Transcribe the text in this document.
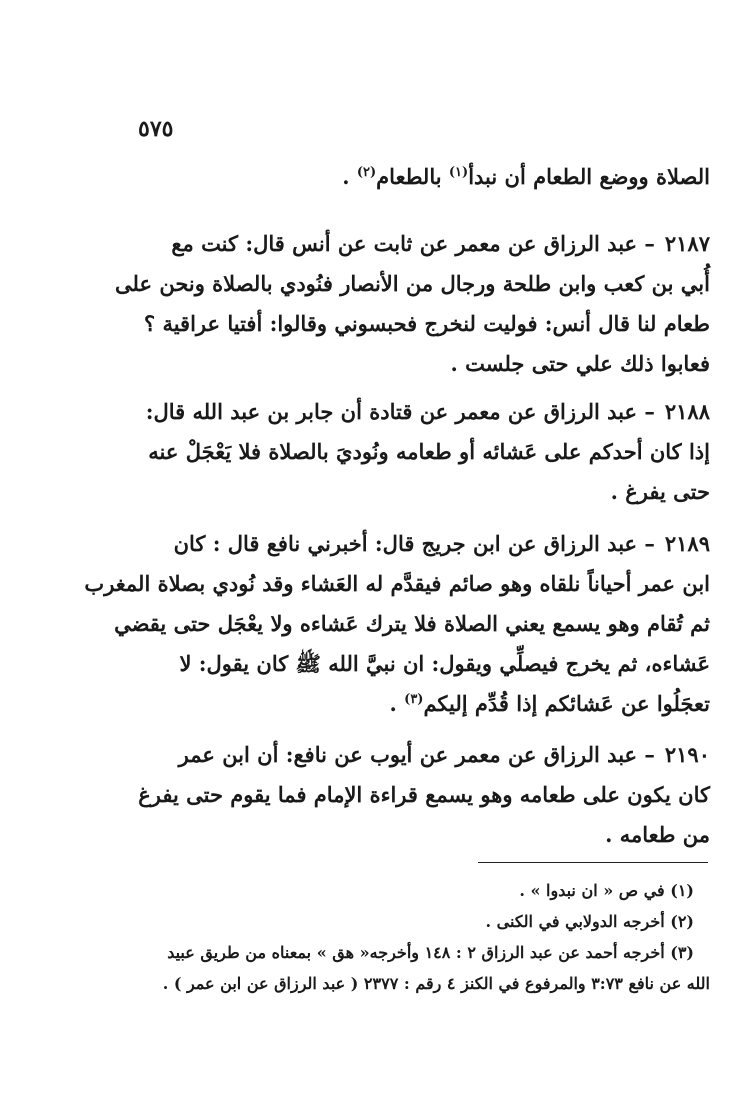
٥٧٥
الصلاة ووضع الطعام أن نبدأ$^{(١)}$ بالطعام$^{(٢)}$ .
٢١٨٧– عبد الرزاق عن معمر عن ثابت عن أنس قال: كنت مع
أُبي بن كعب وابن طلحة ورجال من الأنصار فنُودي بالصلاة ونحن على
طعام لنا قال أنس: فوليت لنخرج فحبسوني وقالوا: أفتيا عراقية ؟
فعابوا ذلك علي حتى جلست .
٢١٨٨– عبد الرزاق عن معمر عن قتادة أن جابر بن عبد الله قال:
إذا كان أحدكم على عَشائه أو طعامه ونُوديَ بالصلاة فلا يَعْجَلْ عنه
حتى يفرغ .
٢١٨٩– عبد الرزاق عن ابن جريج قال: أخبرني نافع قال : كان
ابن عمر أحياناً نلقاه وهو صائم فيقدَّم له العَشاء وقد نُودي بصلاة المغرب
ثم تُقام وهو يسمع يعني الصلاة فلا يترك عَشاءه ولا يعْجَل حتى يقضي
عَشاءه، ثم يخرج فيصلِّي ويقول: ان نبيَّ الله ﷺ كان يقول: لا
تعجَلُوا عن عَشائكم إذا قُدِّم إليكم$^{(٣)}$ .
٢١٩٠– عبد الرزاق عن معمر عن أيوب عن نافع: أن ابن عمر
كان يكون على طعامه وهو يسمع قراءة الإمام فما يقوم حتى يفرغ
من طعامه .
(١) في ص « ان نبدوا » .
(٢) أخرجه الدولابي في الكنى .
(٣) أخرجه أحمد عن عبد الرزاق ٢ : ١٤٨ وأخرجه« هق » بمعناه من طريق عبيد
الله عن نافع ٣:٧٣ والمرفوع في الكنز ٤ رقم : ٢٣٧٧ ( عبد الرزاق عن ابن عمر ) .
